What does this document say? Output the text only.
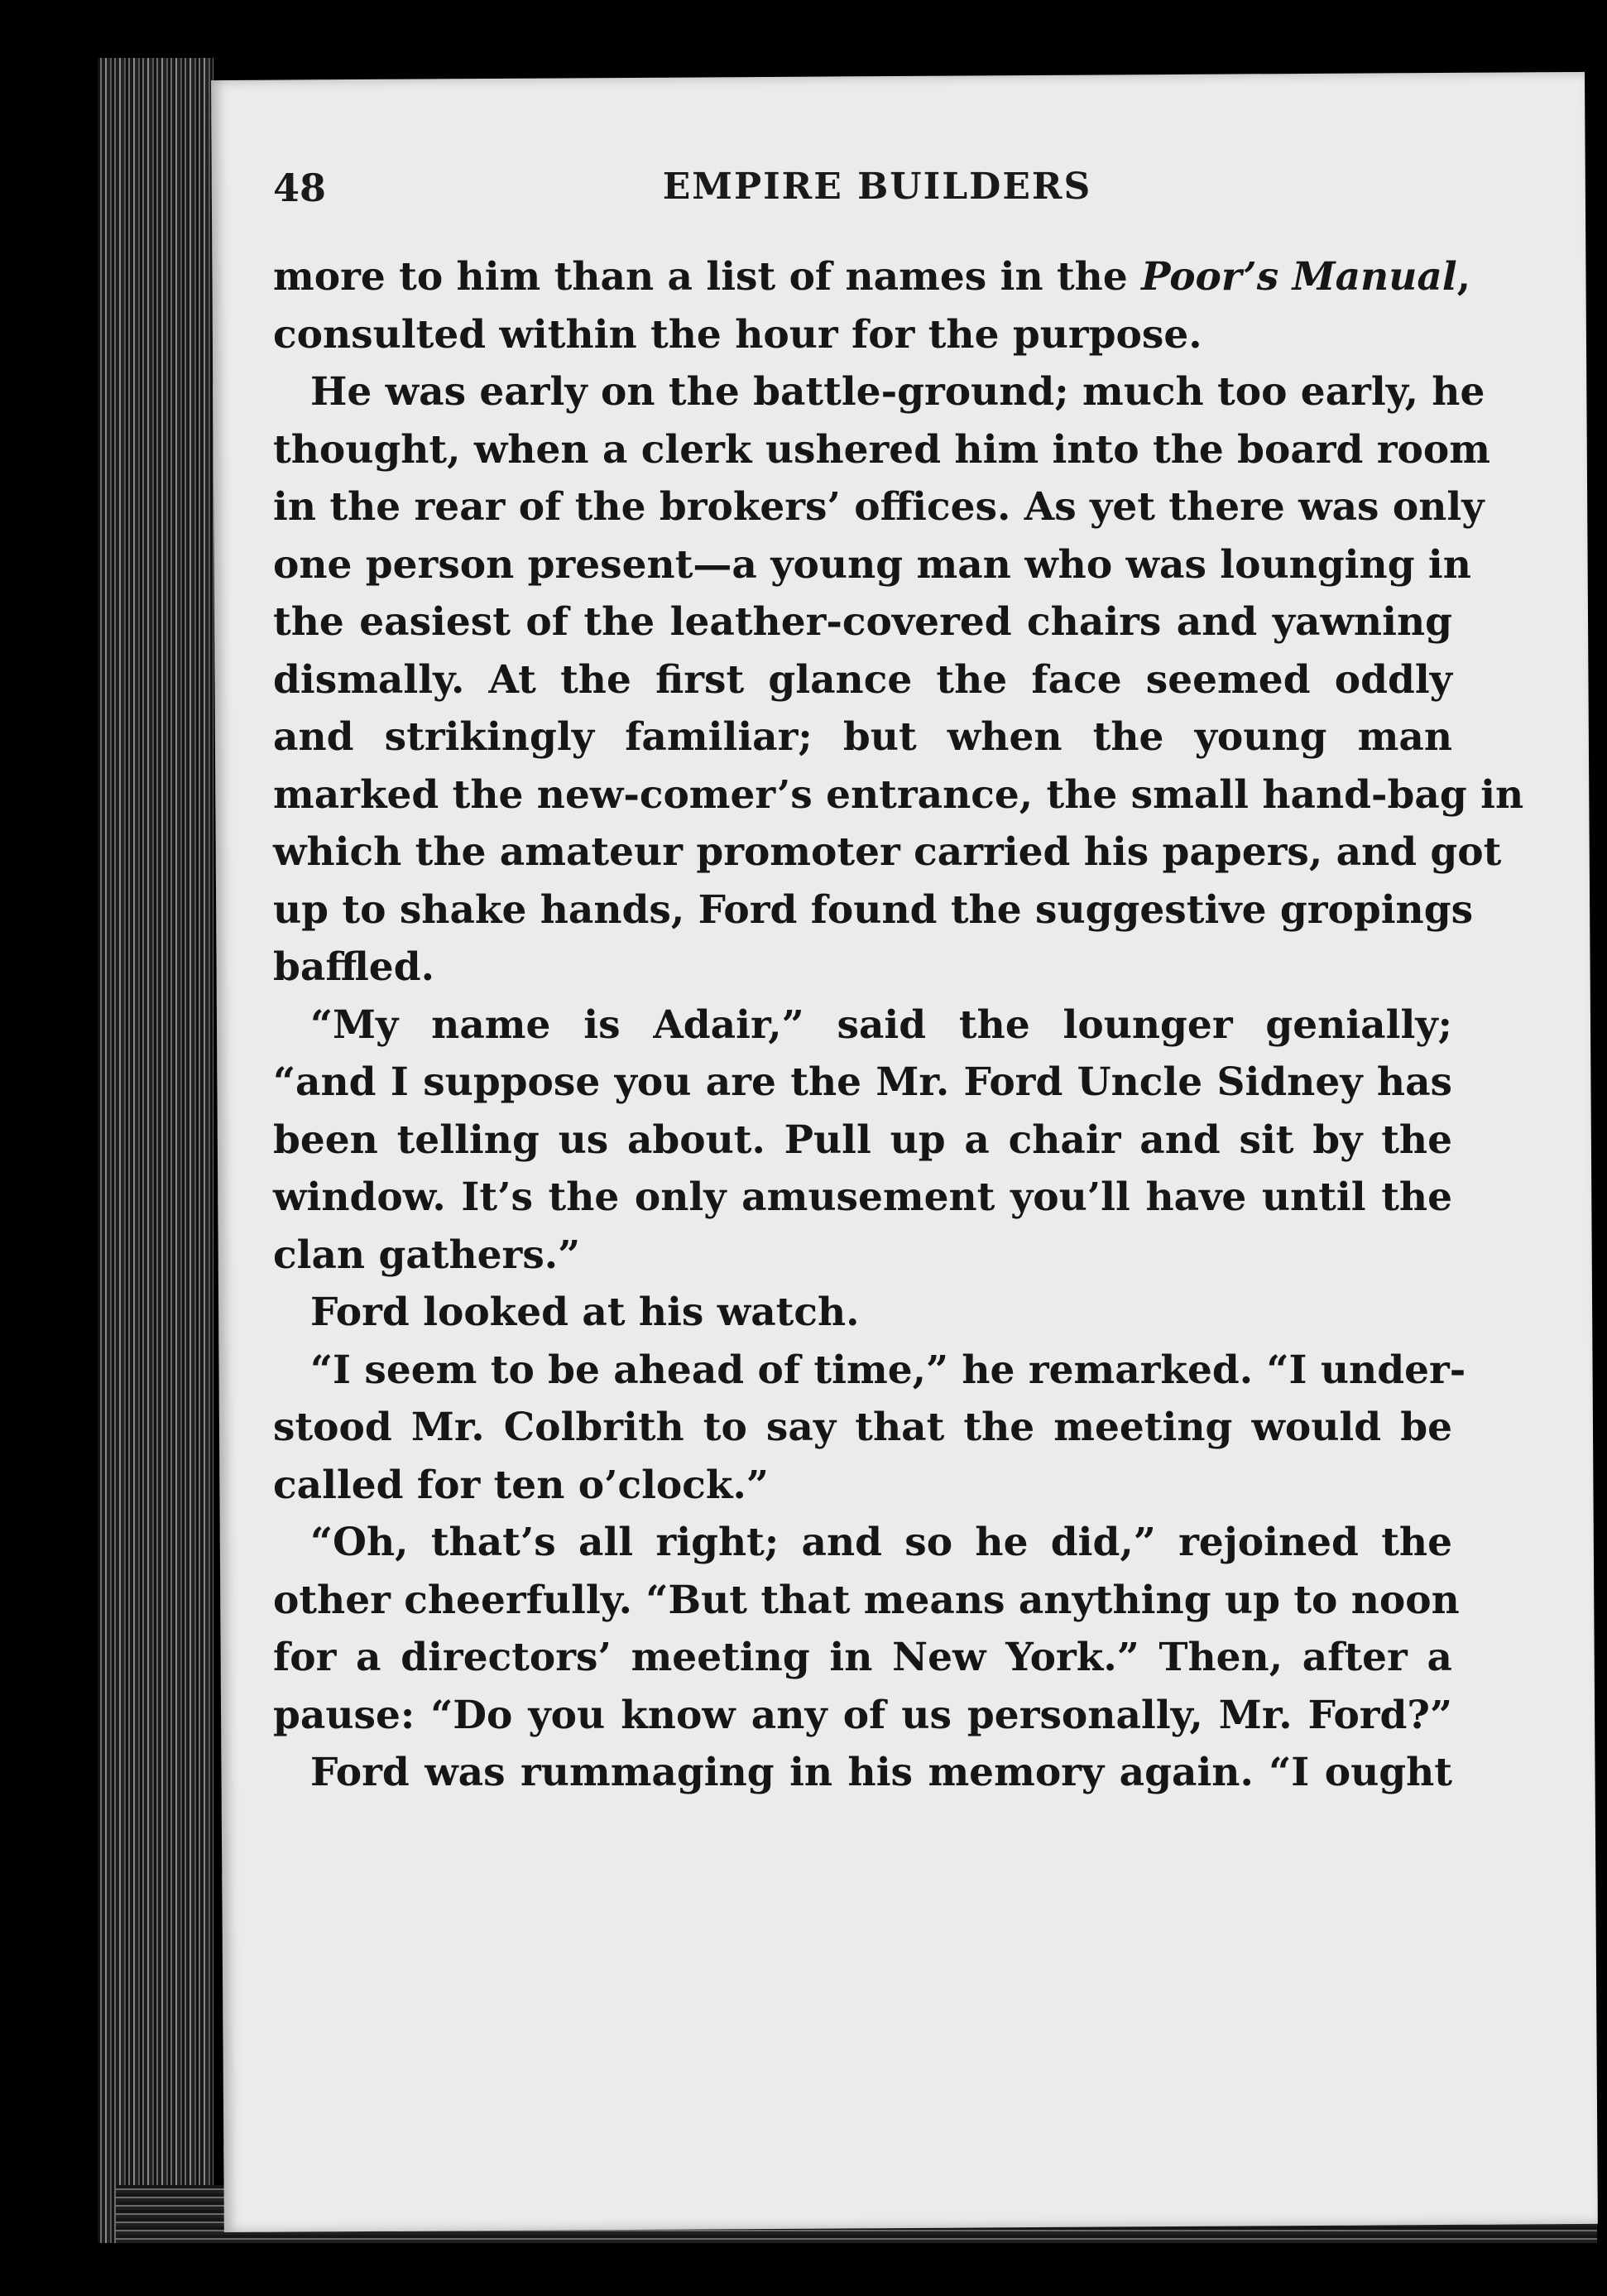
48	EMPIRE BUILDERS
more to him than a list of names in the Poor’s Manual
consulted within the hour for the purpose.
He was early on the battle-ground; much too early, he
thought, when a clerk ushered him into the board room
in the rear of the brokers’ offices. As yet there was only
one person present—a young man who was lounging in
the easiest of the leather-covered chairs and yawning
dismally. At the first glance the face seemed oddly
and strikingly familiar; but when the young man
marked the new-comer’s entrance, the small hand-bag in
which the amateur promoter carried his papers, and got
up to shake hands, Ford found the suggestive gropings
baffled.
“My name is Adair,” said the lounger genially;
“and I suppose you are the Mr. Ford Uncle Sidney has
been telling us about. Pull up a chair and sit by the
window. It’s the only amusement you’ll have until the
clan gathers.”
Ford looked at his watch.
“I seem to be ahead of time,” he remarked. “I under-
stood Mr. Colbrith to say that the meeting would be
called for ten o’clock.”
“Oh, that’s all right; and so he did,” rejoined the
other cheerfully. “But that means anything up to noon
for a directors’ meeting in New York.” Then, after a
pause: “Do you know any of us personally, Mr. Ford?”
Ford was rummaging in his memory again. “I ought
